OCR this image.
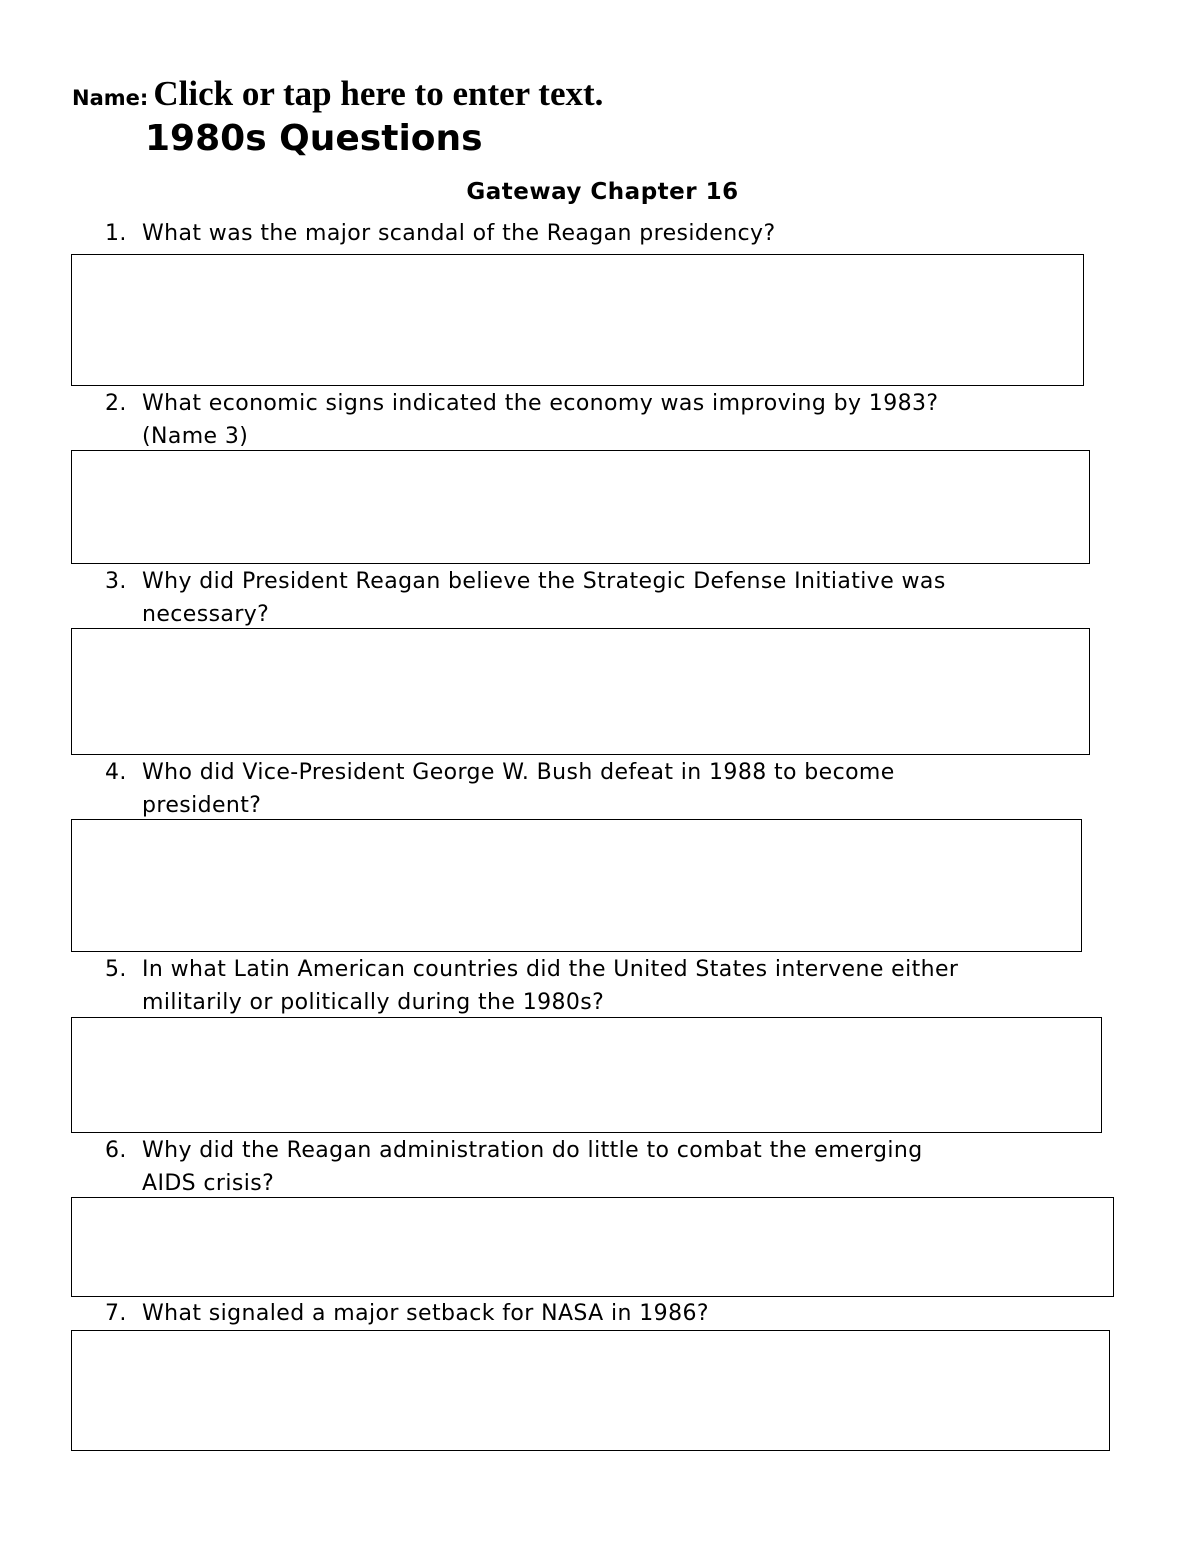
Name: Click or tap here to enter text.
1980s Questions
Gateway Chapter 16
1. What was the major scandal of the Reagan presidency?
2. What economic signs indicated the economy was improving by 1983?
(Name 3)
3. Why did President Reagan believe the Strategic Defense Initiative was
necessary?
4. Who did Vice-President George W. Bush defeat in 1988 to become
president?
5. In what Latin American countries did the United States intervene either
militarily or politically during the 1980s?
6. Why did the Reagan administration do little to combat the emerging
AIDS crisis?
7. What signaled a major setback for NASA in 1986?
